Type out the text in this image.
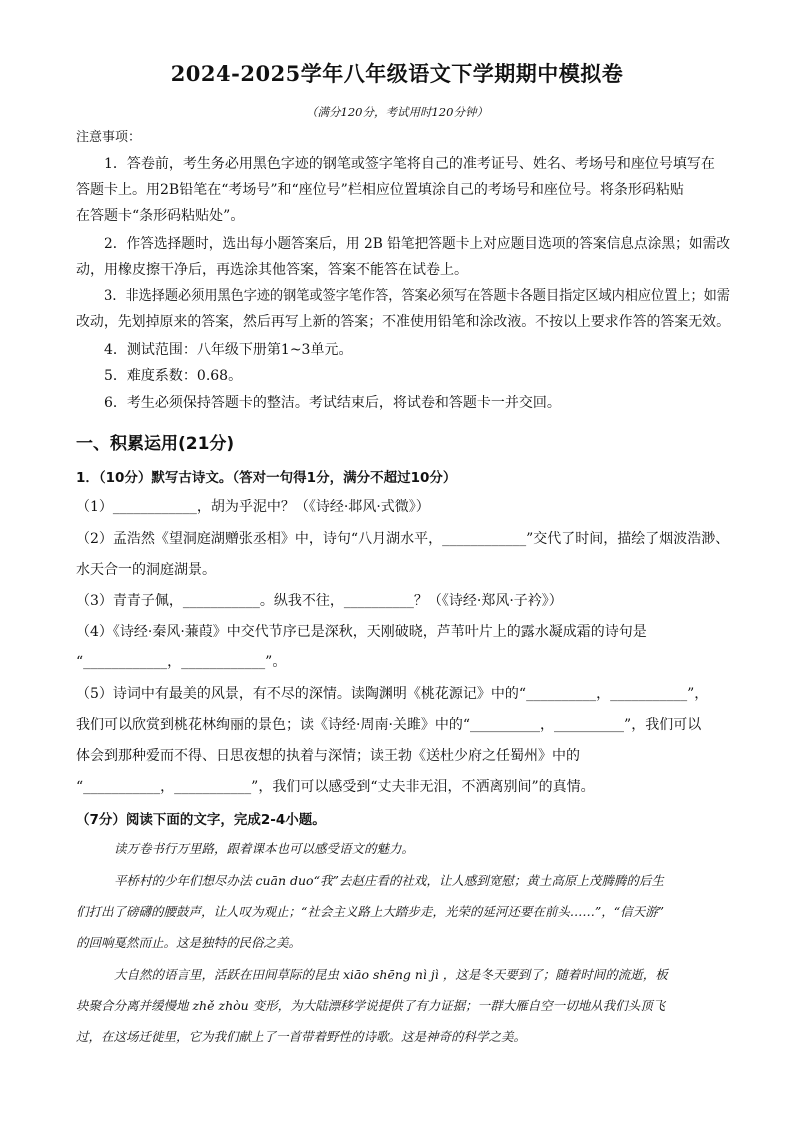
2024-2025学年八年级语文下学期期中模拟卷
（满分120分，考试用时120分钟）
注意事项：
1．答卷前，考生务必用黑色字迹的钢笔或签字笔将自己的准考证号、姓名、考场号和座位号填写在
答题卡上。用2B铅笔在“考场号”和“座位号”栏相应位置填涂自己的考场号和座位号。将条形码粘贴
在答题卡“条形码粘贴处”。
2．作答选择题时，选出每小题答案后，用 2B 铅笔把答题卡上对应题目选项的答案信息点涂黑；如需改
动，用橡皮擦干净后，再选涂其他答案，答案不能答在试卷上。
3．非选择题必须用黑色字迹的钢笔或签字笔作答，答案必须写在答题卡各题目指定区域内相应位置上；如需
改动，先划掉原来的答案，然后再写上新的答案；不准使用铅笔和涂改液。不按以上要求作答的答案无效。
4．测试范围：八年级下册第1~3单元。
5．难度系数：0.68。
6．考生必须保持答题卡的整洁。考试结束后，将试卷和答题卡一并交回。
一、积累运用(21分)
1．（10分）默写古诗文。（答对一句得1分，满分不超过10分）
（1）____________，胡为乎泥中？（《诗经·邶风·式微》）
（2）孟浩然《望洞庭湖赠张丞相》中，诗句“八月湖水平，____________”交代了时间，描绘了烟波浩渺、
水天合一的洞庭湖景。
（3）青青子佩，___________。纵我不往，__________？（《诗经·郑风·子衿》）
（4）《诗经·秦风·蒹葭》中交代节序已是深秋，天刚破晓，芦苇叶片上的露水凝成霜的诗句是
“____________，____________”。
（5）诗词中有最美的风景，有不尽的深情。读陶渊明《桃花源记》中的“__________，___________”，
我们可以欣赏到桃花林绚丽的景色；读《诗经·周南·关雎》中的“__________，__________”，我们可以
体会到那种爱而不得、日思夜想的执着与深情；读王勃《送杜少府之任蜀州》中的
“___________，___________”，我们可以感受到“丈夫非无泪，不洒离别间”的真情。
（7分）阅读下面的文字，完成2-4小题。
读万卷书行万里路，跟着课本也可以感受语文的魅力。
平桥村的少年们想尽办法 cuān duo“我”去赵庄看的社戏，让人感到宽慰；黄土高原上茂腾腾的后生
们打出了磅礴的腰鼓声，让人叹为观止；“社会主义路上大踏步走，光荣的延河还要在前头……”，“信天游”
的回响戛然而止。这是独特的民俗之美。
大自然的语言里，活跃在田间草际的昆虫 xiāo shēng nì jì ，这是冬天要到了；随着时间的流逝，板
块聚合分离并缓慢地 zhě zhòu 变形，为大陆漂移学说提供了有力证据；一群大雁自空一切地从我们头顶飞
过，在这场迁徙里，它为我们献上了一首带着野性的诗歌。这是神奇的科学之美。
